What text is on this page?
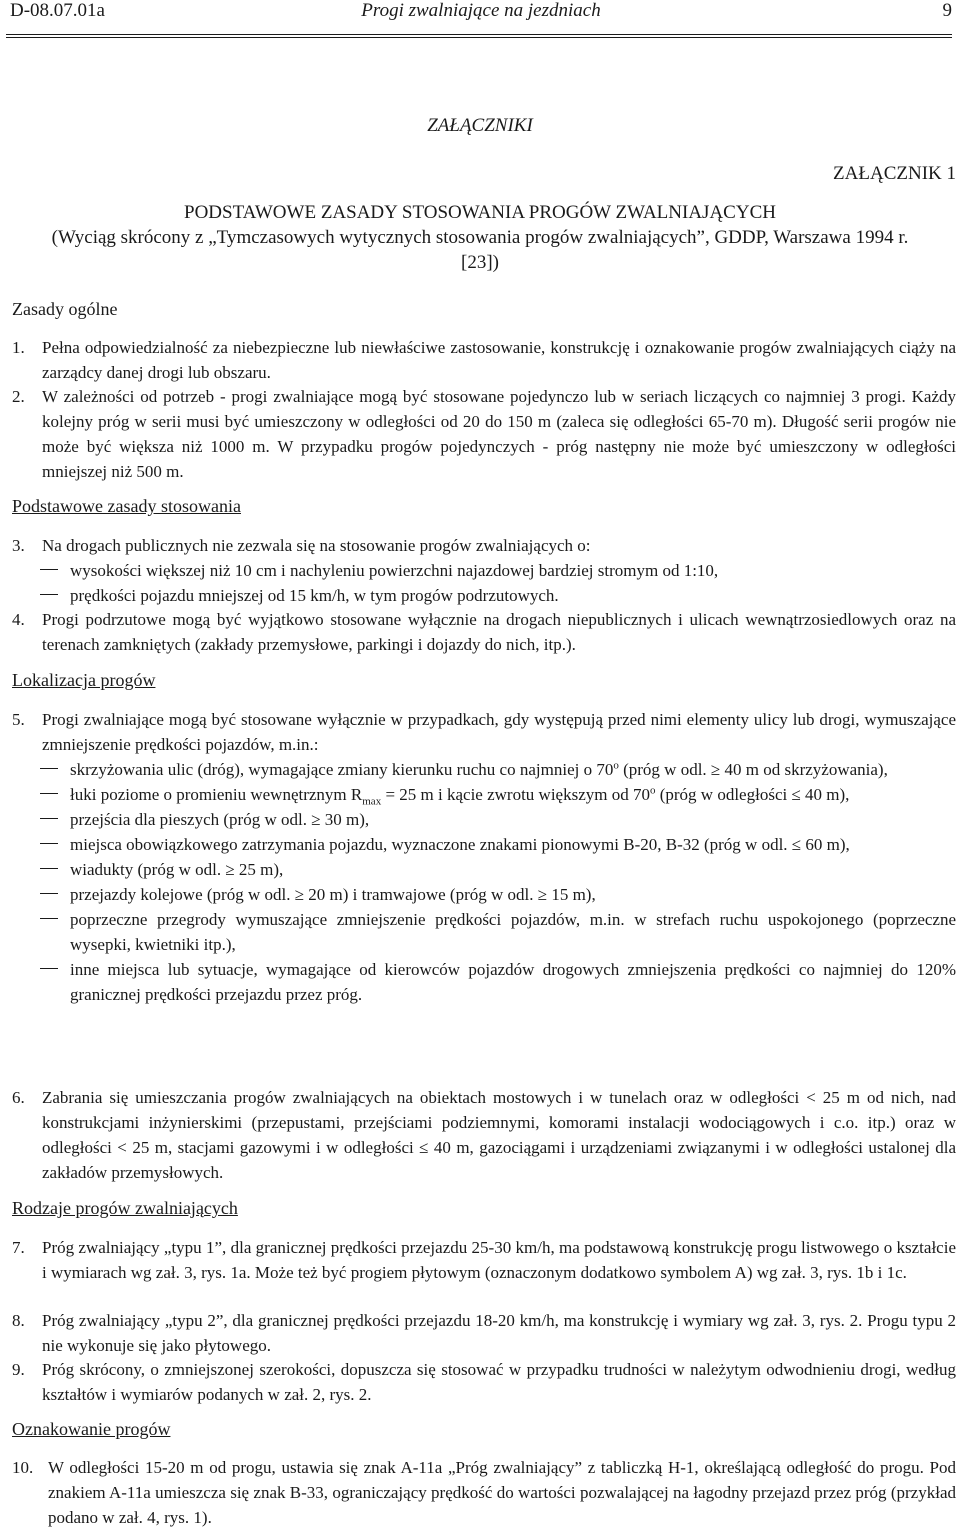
D-08.07.01a	Progi zwalniające na jezdniach	9
ZAŁĄCZNIKI
ZAŁĄCZNIK 1
PODSTAWOWE ZASADY STOSOWANIA PROGÓW ZWALNIAJĄCYCH
(Wyciąg skrócony z „Tymczasowych wytycznych stosowania progów zwalniających”, GDDP, Warszawa 1994 r.
[23])
Zasady ogólne
1. Pełna odpowiedzialność za niebezpieczne lub niewłaściwe zastosowanie, konstrukcję i oznakowanie progów zwalniających ciąży na zarządcy danej drogi lub obszaru.
2. W zależności od potrzeb - progi zwalniające mogą być stosowane pojedynczo lub w seriach liczących co najmniej 3 progi. Każdy kolejny próg w serii musi być umieszczony w odległości od 20 do 150 m (zaleca się odległości 65-70 m). Długość serii progów nie może być większa niż 1000 m. W przypadku progów pojedynczych - próg następny nie może być umieszczony w odległości mniejszej niż 500 m.
Podstawowe zasady stosowania
3. Na drogach publicznych nie zezwala się na stosowanie progów zwalniających o:
wysokości większej niż 10 cm i nachyleniu powierzchni najazdowej bardziej stromym od 1:10,
prędkości pojazdu mniejszej od 15 km/h, w tym progów podrzutowych.
4. Progi podrzutowe mogą być wyjątkowo stosowane wyłącznie na drogach niepublicznych i ulicach wewnątrzosiedlowych oraz na terenach zamkniętych (zakłady przemysłowe, parkingi i dojazdy do nich, itp.).
Lokalizacja progów
5. Progi zwalniające mogą być stosowane wyłącznie w przypadkach, gdy występują przed nimi elementy ulicy lub drogi, wymuszające zmniejszenie prędkości pojazdów, m.in.:
skrzyżowania ulic (dróg), wymagające zmiany kierunku ruchu co najmniej o 70$^o$ (próg w odl. ≥ 40 m od skrzyżowania),
łuki poziome o promieniu wewnętrznym $R_{max} = 25$ m i kącie zwrotu większym od 70$^o$ (próg w odległości ≤ 40 m),
przejścia dla pieszych (próg w odl. ≥ 30 m),
miejsca obowiązkowego zatrzymania pojazdu, wyznaczone znakami pionowymi B-20, B-32 (próg w odl. ≤ 60 m),
wiadukty (próg w odl. ≥ 25 m),
przejazdy kolejowe (próg w odl. ≥ 20 m) i tramwajowe (próg w odl. ≥ 15 m),
poprzeczne przegrody wymuszające zmniejszenie prędkości pojazdów, m.in. w strefach ruchu uspokojonego (poprzeczne wysepki, kwietniki itp.),
inne miejsca lub sytuacje, wymagające od kierowców pojazdów drogowych zmniejszenia prędkości co najmniej do 120% granicznej prędkości przejazdu przez próg.
6. Zabrania się umieszczania progów zwalniających na obiektach mostowych i w tunelach oraz w odległości < 25 m od nich, nad konstrukcjami inżynierskimi (przepustami, przejściami podziemnymi, komorami instalacji wodociągowych i c.o. itp.) oraz w odległości < 25 m, stacjami gazowymi i w odległości ≤ 40 m, gazociągami i urządzeniami związanymi i w odległości ustalonej dla zakładów przemysłowych.
Rodzaje progów zwalniających
7. Próg zwalniający „typu 1”, dla granicznej prędkości przejazdu 25-30 km/h, ma podstawową konstrukcję progu listwowego o kształcie i wymiarach wg zał. 3, rys. 1a. Może też być progiem płytowym (oznaczonym dodatkowo symbolem A) wg zał. 3, rys. 1b i 1c.
8. Próg zwalniający „typu 2”, dla granicznej prędkości przejazdu 18-20 km/h, ma konstrukcję i wymiary wg zał. 3, rys. 2. Progu typu 2 nie wykonuje się jako płytowego.
9. Próg skrócony, o zmniejszonej szerokości, dopuszcza się stosować w przypadku trudności w należytym odwodnieniu drogi, według kształtów i wymiarów podanych w zał. 2, rys. 2.
Oznakowanie progów
10. W odległości 15-20 m od progu, ustawia się znak A-11a „Próg zwalniający” z tabliczką H-1, określającą odległość do progu. Pod znakiem A-11a umieszcza się znak B-33, ograniczający prędkość do wartości pozwalającej na łagodny przejazd przez próg (przykład podano w zał. 4, rys. 1).
